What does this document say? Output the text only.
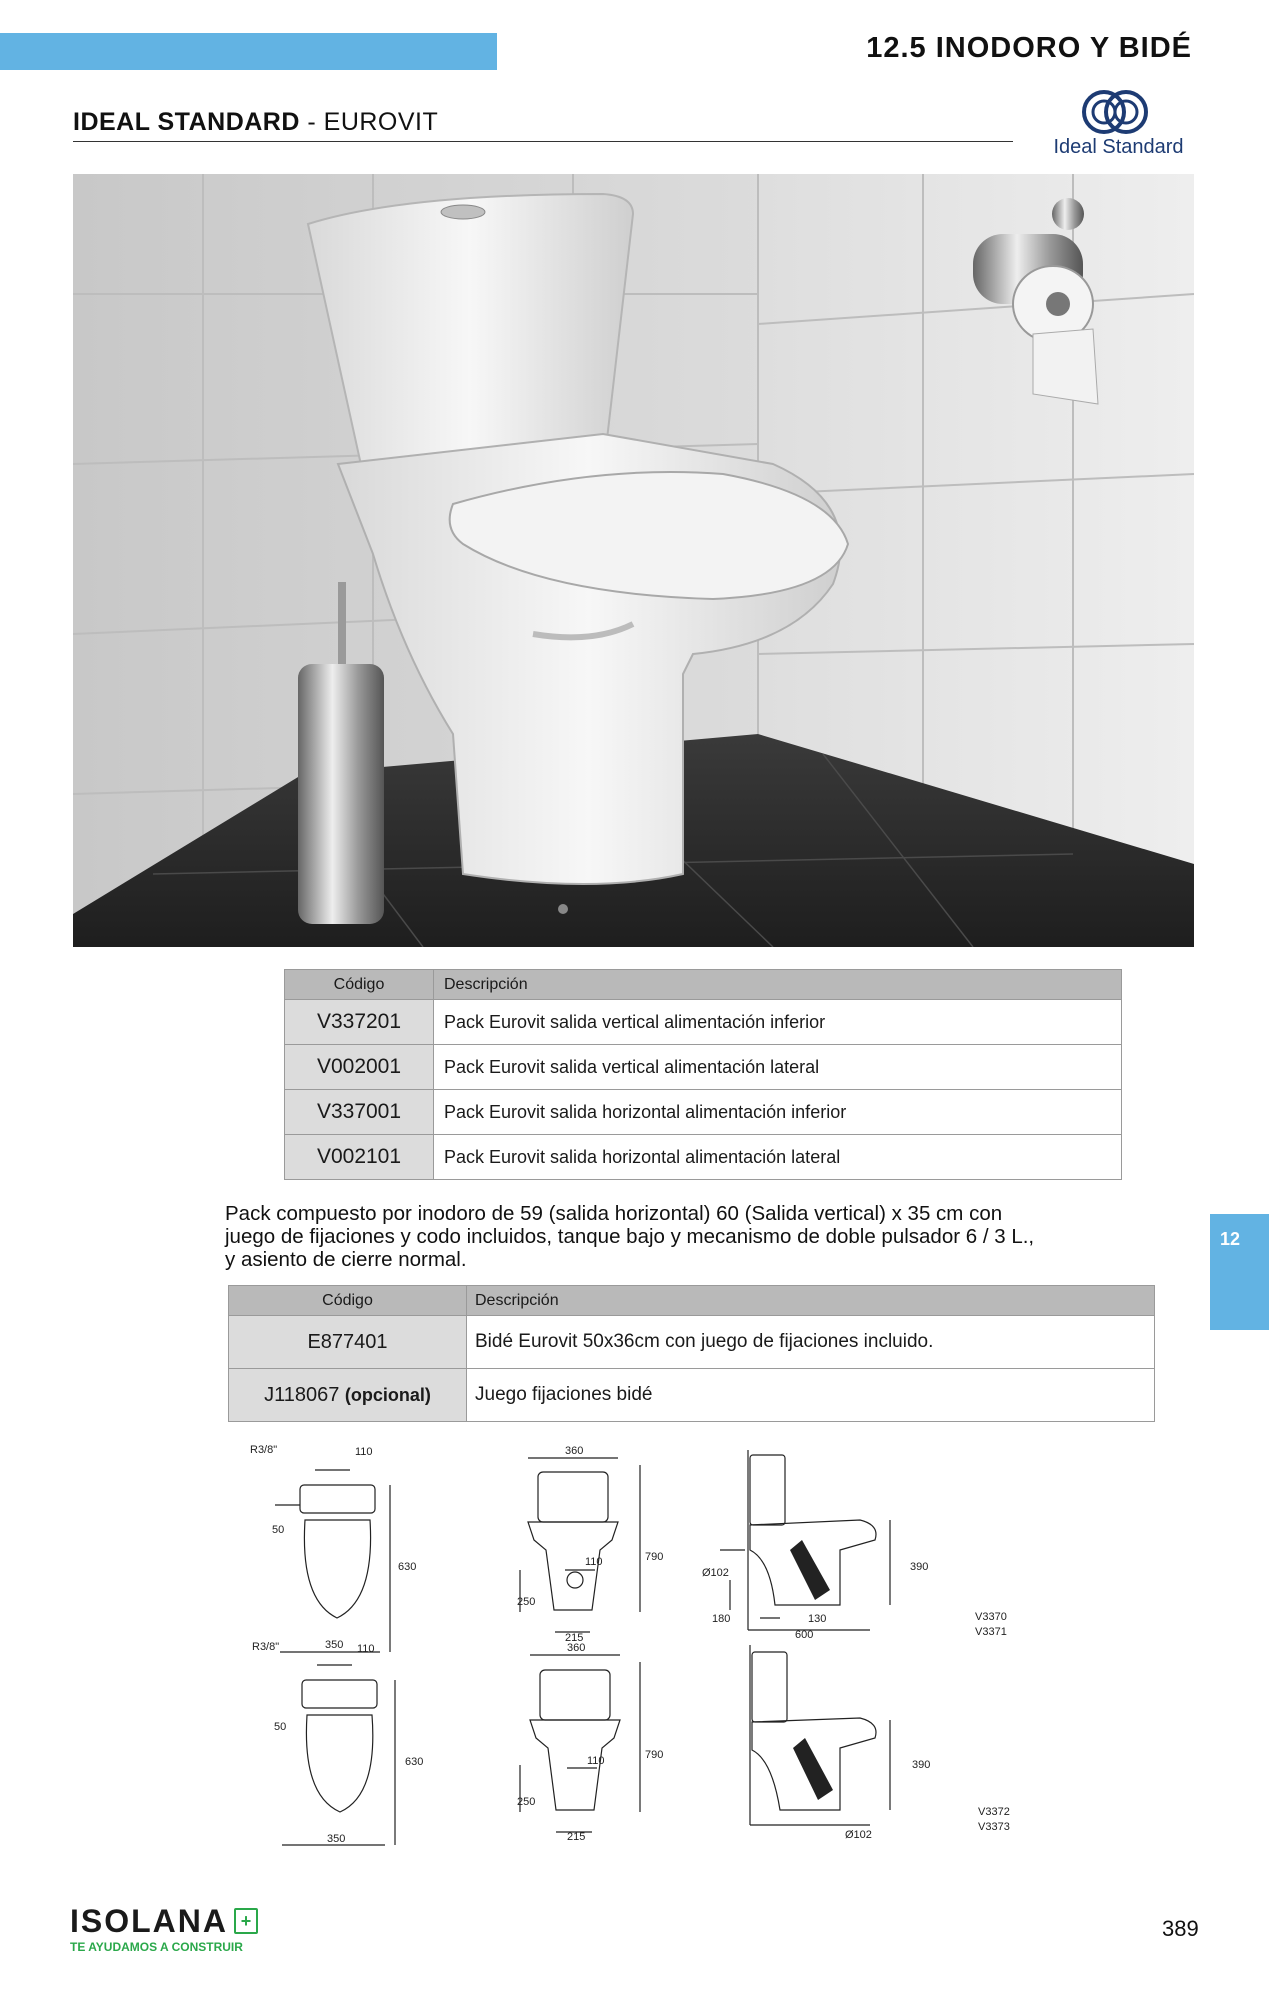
12.5 INODORO Y BIDÉ
IDEAL STANDARD - EUROVIT
Ideal Standard
Código	Descripción
V337201	Pack Eurovit salida vertical alimentación inferior
V002001	Pack Eurovit salida vertical alimentación lateral
V337001	Pack Eurovit salida horizontal alimentación inferior
V002101	Pack Eurovit salida horizontal alimentación lateral
Pack compuesto por inodoro de 59 (salida horizontal) 60 (Salida vertical) x 35 cm con juego de fijaciones y codo incluidos, tanque bajo y mecanismo de doble pulsador 6 / 3 L., y asiento de cierre normal.
Código	Descripción
E877401	Bidé Eurovit 50x36cm con juego de fijaciones incluido.
J118067 (opcional)	Juego fijaciones bidé
12
R3/8"	110
50
630
350
360
790
250
215
110
Ø102
180
390
130
600
V3370
V3371
R3/8"	110
50
630
350
360
790
250
215
110	390
Ø102
V3372
V3373
ISOLANA +
TE AYUDAMOS A CONSTRUIR
389
